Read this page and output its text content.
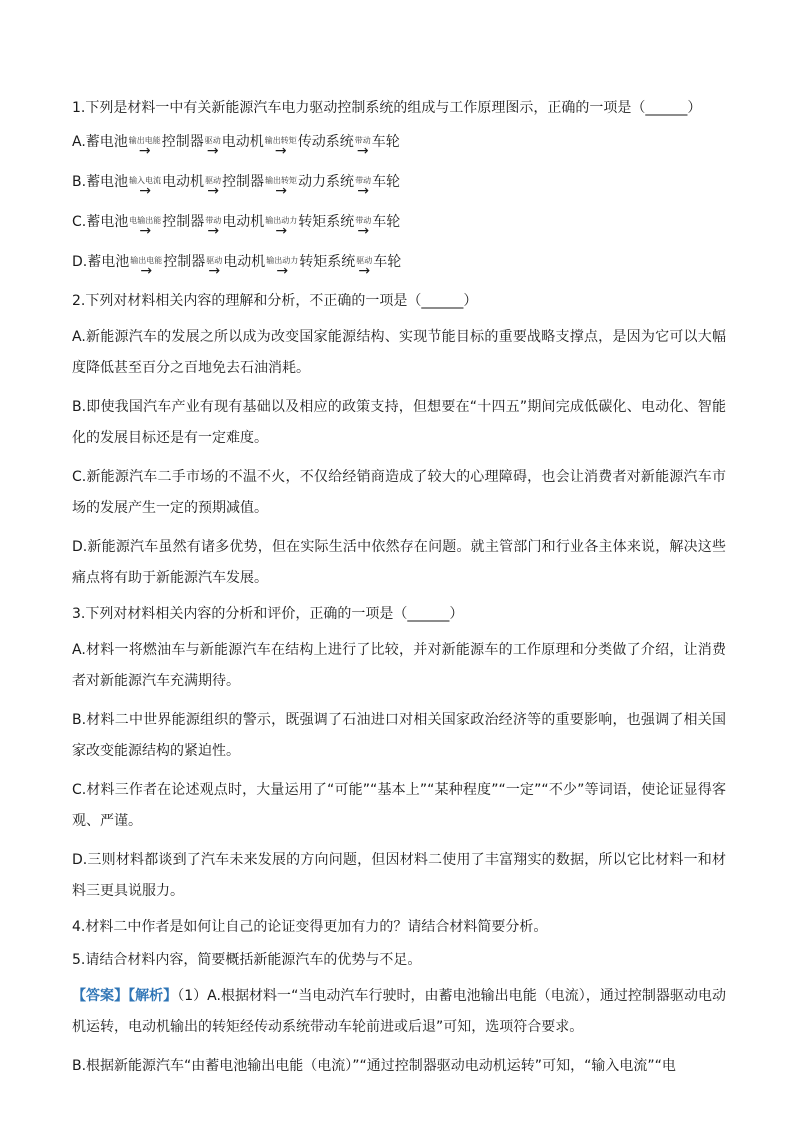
1.下列是材料一中有关新能源汽车电力驱动控制系统的组成与工作原理图示，正确的一项是（______）

A. 蓄电池 输出电能
→
控制器 驱动
→
电动机 输出转矩
→
传动系统 带动
→
车轮
B. 蓄电池 输入电流
→
电动机 驱动
→
控制器 输出转矩
→
动力系统 带动
→
车轮
C. 蓄电池 电输出能
→
控制器 带动
→
电动机 输出动力
→
转矩系统 带动
→
车轮
D. 蓄电池 输出电能
→
控制器 驱动
→
电动机 输出动力
→
转矩系统 驱动
→
车轮

2.下列对材料相关内容的理解和分析，不正确的一项是（______）

A.新能源汽车的发展之所以成为改变国家能源结构、实现节能目标的重要战略支撑点，是因为它可以大幅度降低甚至百分之百地免去石油消耗。

B.即使我国汽车产业有现有基础以及相应的政策支持，但想要在“十四五”期间完成低碳化、电动化、智能化的发展目标还是有一定难度。

C.新能源汽车二手市场的不温不火，不仅给经销商造成了较大的心理障碍，也会让消费者对新能源汽车市场的发展产生一定的预期减值。

D.新能源汽车虽然有诸多优势，但在实际生活中依然存在问题。就主管部门和行业各主体来说，解决这些痛点将有助于新能源汽车发展。

3.下列对材料相关内容的分析和评价，正确的一项是（______）

A.材料一将燃油车与新能源汽车在结构上进行了比较，并对新能源车的工作原理和分类做了介绍，让消费者对新能源汽车充满期待。

B.材料二中世界能源组织的警示，既强调了石油进口对相关国家政治经济等的重要影响，也强调了相关国家改变能源结构的紧迫性。

C.材料三作者在论述观点时，大量运用了“可能”“基本上”“某种程度”“一定”“不少”等词语，使论证显得客观、严谨。

D.三则材料都谈到了汽车未来发展的方向问题，但因材料二使用了丰富翔实的数据，所以它比材料一和材料三更具说服力。

4.材料二中作者是如何让自己的论证变得更加有力的？请结合材料简要分析。

5.请结合材料内容，简要概括新能源汽车的优势与不足。

【答案】【解析】（1）A.根据材料一“当电动汽车行驶时，由蓄电池输出电能（电流），通过控制器驱动电动机运转，电动机输出的转矩经传动系统带动车轮前进或后退”可知，选项符合要求。

B.根据新能源汽车“由蓄电池输出电能（电流）”“通过控制器驱动电动机运转”可知，“输入电流”“电
